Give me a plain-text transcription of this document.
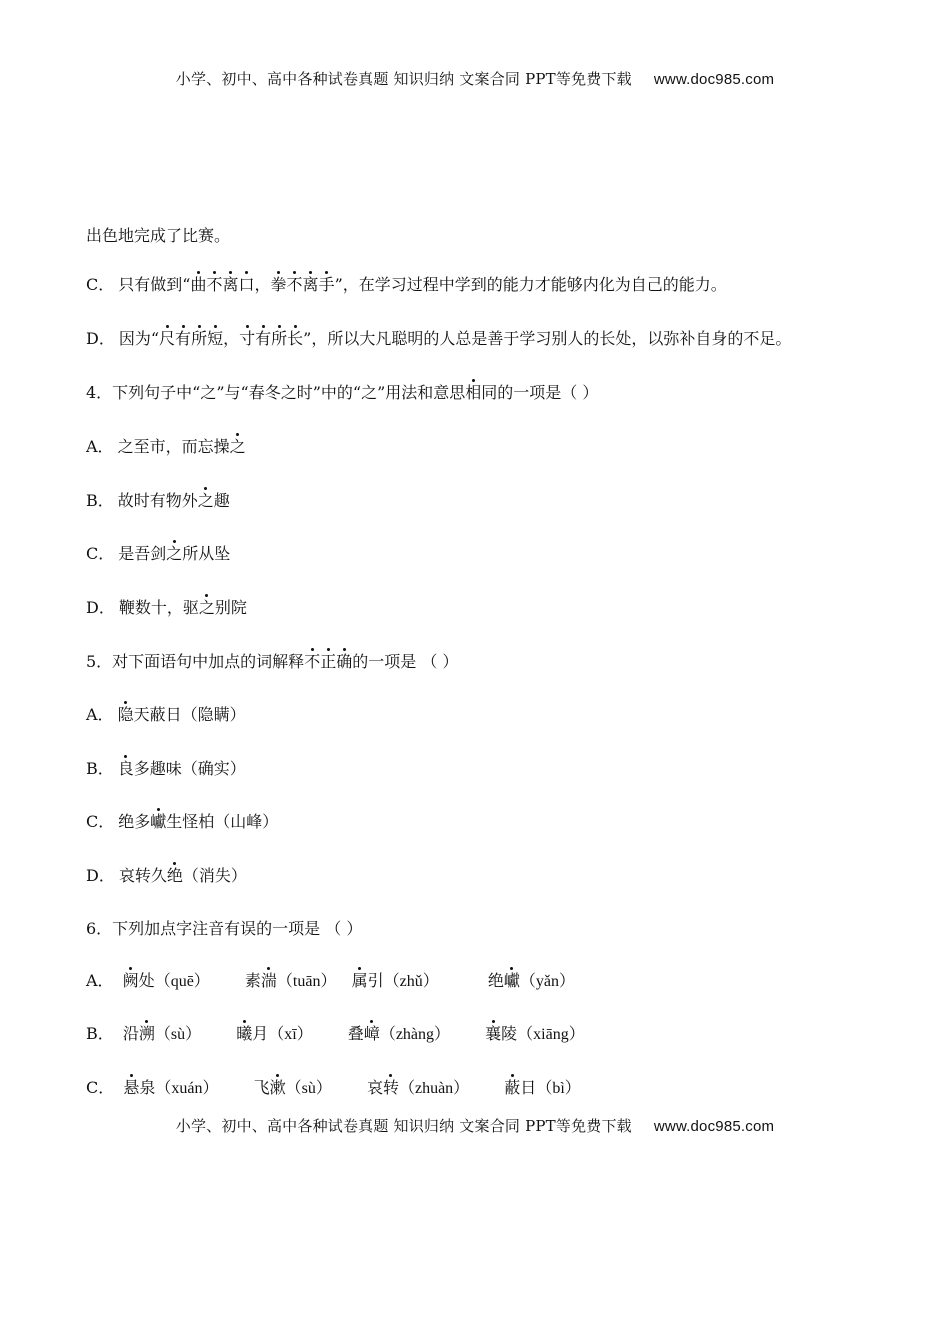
小学、初中、高中各种试卷真题 知识归纳 文案合同 PPT等免费下载 www.doc985.com
出色地完成了比赛。
C． 只有做到“曲不离口，拳不离手”，在学习过程中学到的能力才能够内化为自己的能力。
D． 因为“尺有所短，寸有所长”，所以大凡聪明的人总是善于学习别人的长处，以弥补自身的不足。
4．下列句子中“之”与“春冬之时”中的“之”用法和意思相同的一项是（ ）
A． 之至市，而忘操之
B． 故时有物外之趣
C． 是吾剑之所从坠
D． 鞭数十，驱之别院
5．对下面语句中加点的词解释不正确的一项是 （ ）
A． 隐天蔽日（隐瞒）
B． 良多趣味（确实）
C． 绝多巘生怪柏（山峰）
D． 哀转久绝（消失）
6．下列加点字注音有误的一项是 （ ）
A． 阙处（quē） 素湍（tuān） 属引（zhǔ）	绝巘（yǎn）
B． 沿溯（sù） 曦月（xī） 叠嶂（zhàng） 襄陵（xiāng）
C． 悬泉（xuán） 飞漱（sù） 哀转（zhuàn） 蔽日（bì）
小学、初中、高中各种试卷真题 知识归纳 文案合同 PPT等免费下载 www.doc985.com
